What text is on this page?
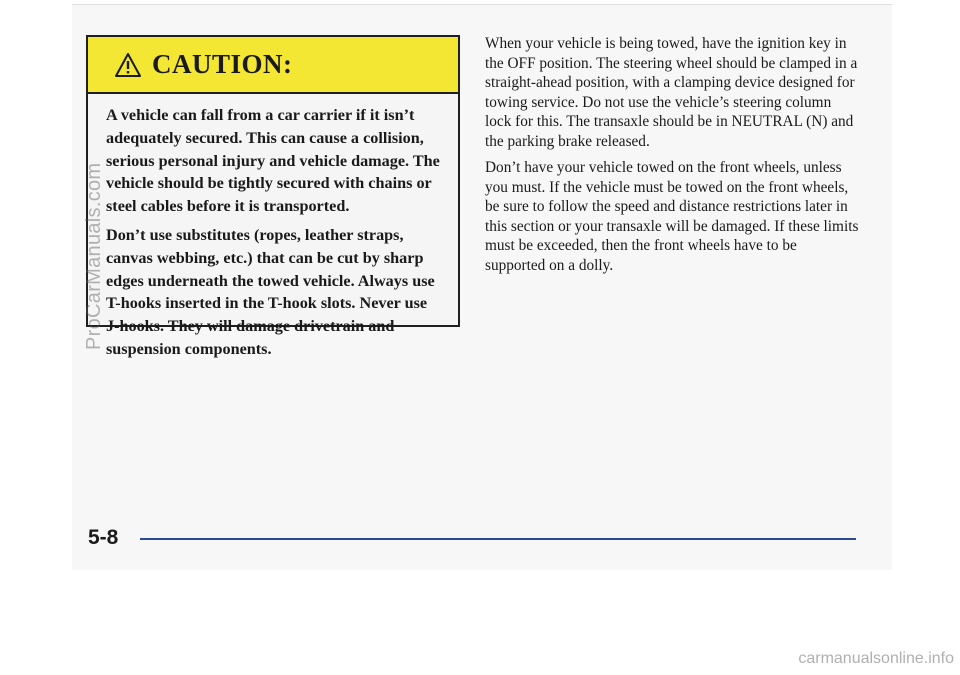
CAUTION:

A vehicle can fall from a car carrier if it isn’t adequately secured. This can cause a collision, serious personal injury and vehicle damage. The vehicle should be tightly secured with chains or steel cables before it is transported.

Don’t use substitutes (ropes, leather straps, canvas webbing, etc.) that can be cut by sharp edges underneath the towed vehicle. Always use T-hooks inserted in the T-hook slots. Never use J-hooks. They will damage drivetrain and suspension components.

When your vehicle is being towed, have the ignition key in the OFF position. The steering wheel should be clamped in a straight-ahead position, with a clamping device designed for towing service. Do not use the vehicle’s steering column lock for this. The transaxle should be in NEUTRAL (N) and the parking brake released.

Don’t have your vehicle towed on the front wheels, unless you must. If the vehicle must be towed on the front wheels, be sure to follow the speed and distance restrictions later in this section or your transaxle will be damaged. If these limits must be exceeded, then the front wheels have to be supported on a dolly.

5-8
ProCarManuals.com
carmanualsonline.info
